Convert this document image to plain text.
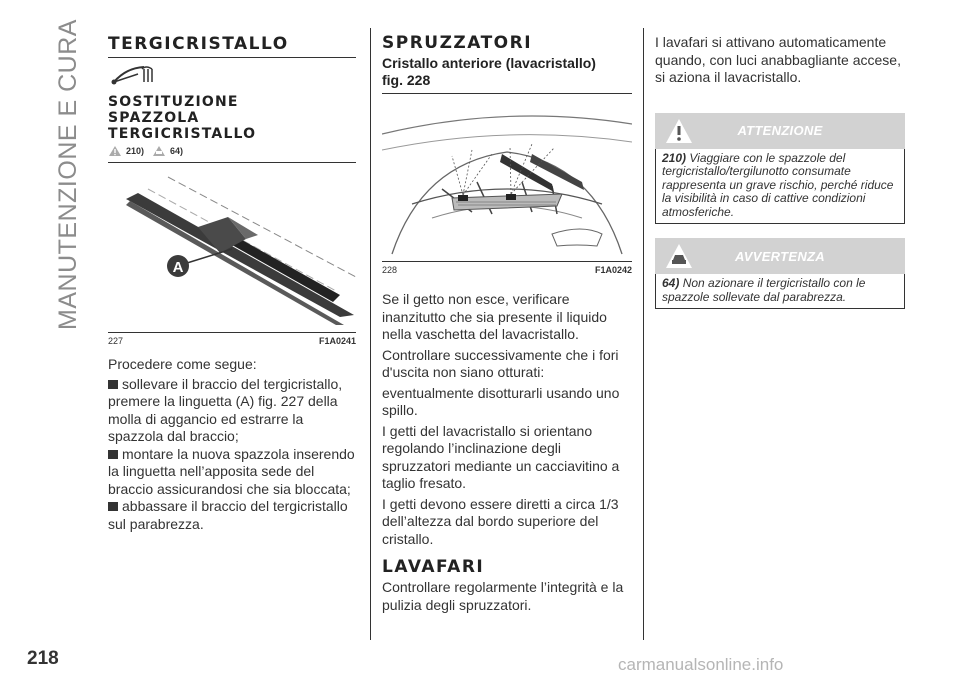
MANUTENZIONE E CURA TERGICRISTALLO
SOSTITUZIONE
SPAZZOLA
TERGICRISTALLO
210)	64)
A
227	F1A0241

Procedere come segue:

sollevare il braccio del tergicristallo,
premere la linguetta (A) fig. 227 della molla di aggancio ed estrarre la spazzola dal braccio;
montare la nuova spazzola inserendo
la linguetta nell’apposita sede del braccio assicurandosi che sia bloccata;
abbassare il braccio del tergicristallo
sul parabrezza.
SPRUZZATORI
Cristallo anteriore (lavacristallo)
fig. 228
228	F1A0242

Se il getto non esce, verificare inanzitutto che sia presente il liquido nella vaschetta del lavacristallo.

Controllare successivamente che i fori d'uscita non siano otturati:

eventualmente disotturarli usando uno spillo.

I getti del lavacristallo si orientano regolando l’inclinazione degli spruzzatori mediante un cacciavitino a taglio fresato.

I getti devono essere diretti a circa 1/3 dell’altezza dal bordo superiore del cristallo.

LAVAFARI

Controllare regolarmente l’integrità e la pulizia degli spruzzatori.

I lavafari si attivano automaticamente quando, con luci anabbagliante accese, si aziona il lavacristallo.

ATTENZIONE
210) Viaggiare con le spazzole del tergicristallo/tergilunotto consumate rappresenta un grave rischio, perché riduce la visibilità in caso di cattive condizioni atmosferiche.
AVVERTENZA
64) Non azionare il tergicristallo con le spazzole sollevate dal parabrezza.
218	carmanualsonline.info
